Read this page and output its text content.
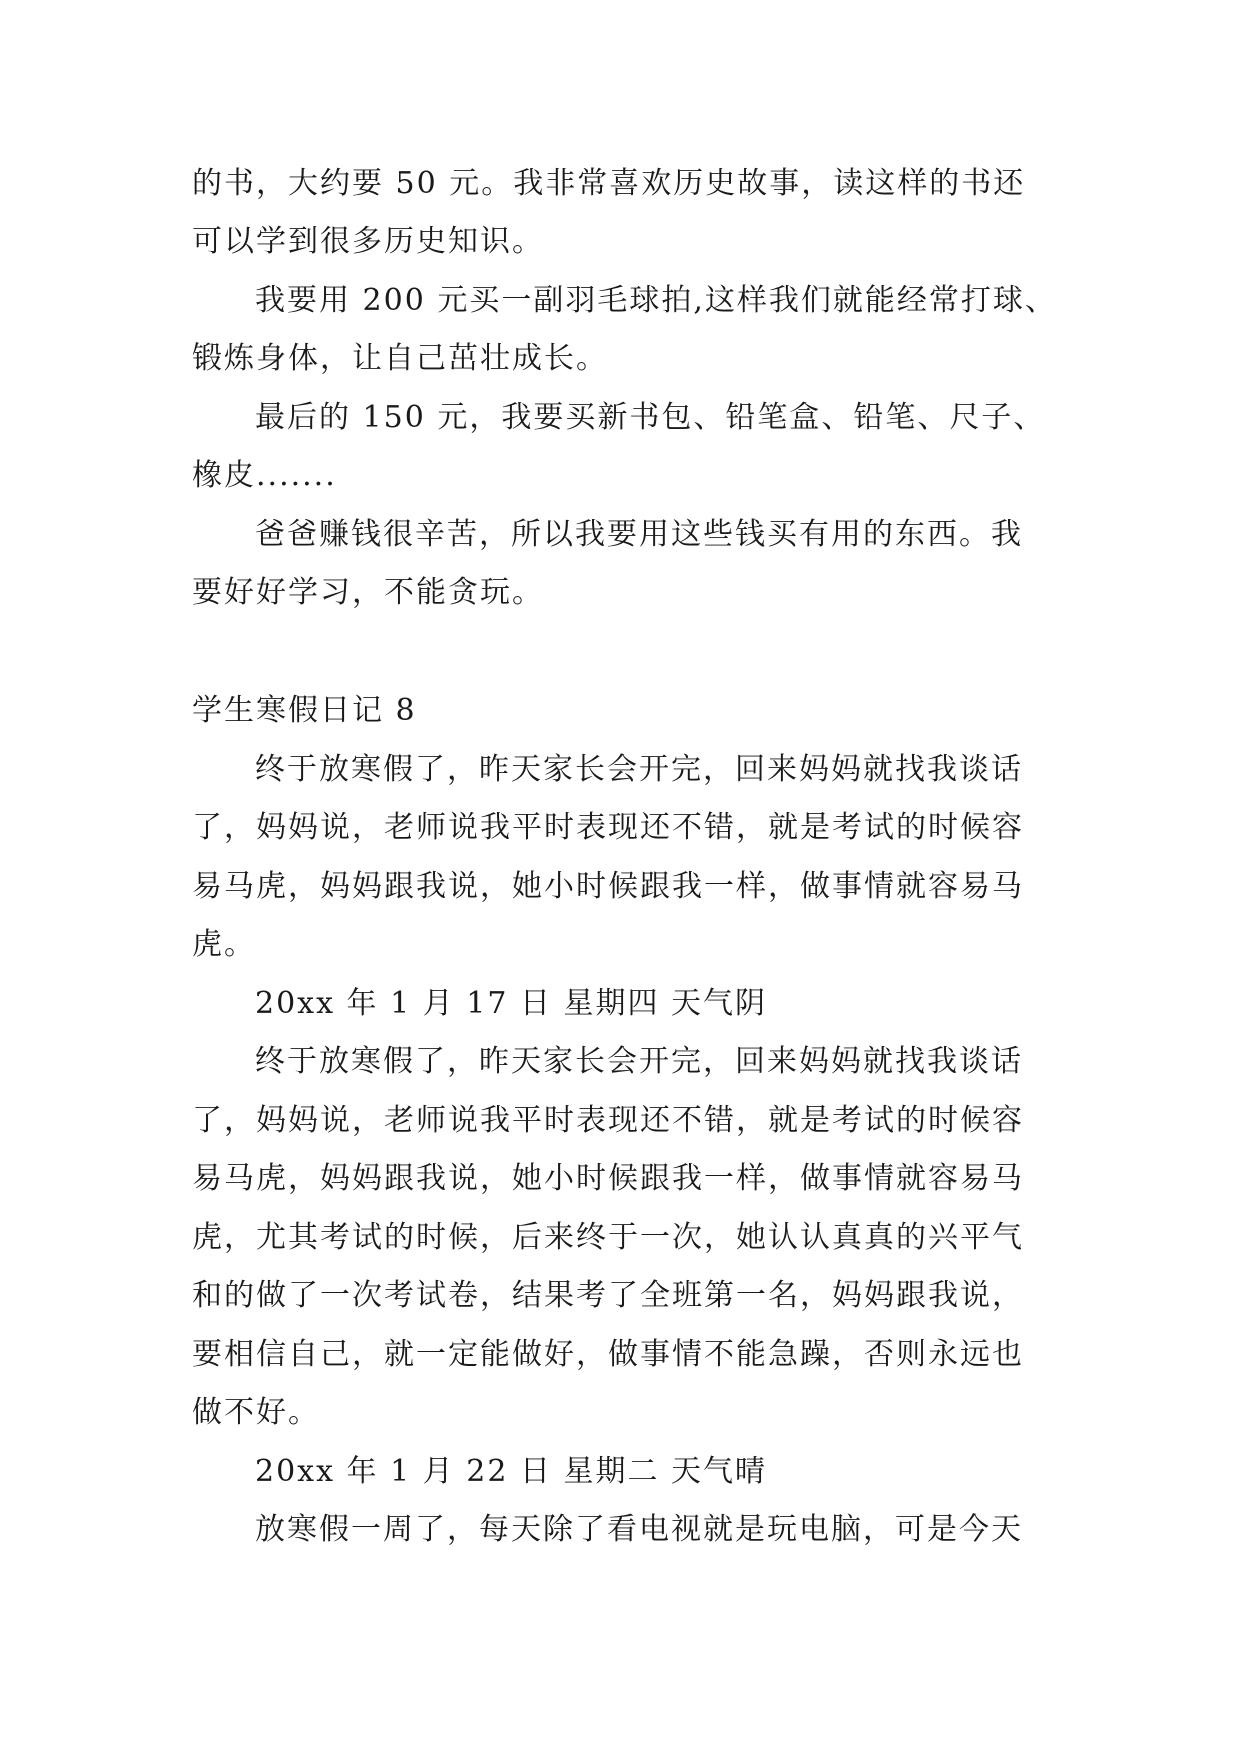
的书，大约要 50 元。我非常喜欢历史故事，读这样的书还
可以学到很多历史知识。
我要用 200 元买一副羽毛球拍,这样我们就能经常打球、
锻炼身体，让自己茁壮成长。
最后的 150 元，我要买新书包、铅笔盒、铅笔、尺子、
橡皮.......
爸爸赚钱很辛苦，所以我要用这些钱买有用的东西。我
要好好学习，不能贪玩。
学生寒假日记 8
终于放寒假了，昨天家长会开完，回来妈妈就找我谈话
了，妈妈说，老师说我平时表现还不错，就是考试的时候容
易马虎，妈妈跟我说，她小时候跟我一样，做事情就容易马
虎。
20xx 年 1 月 17 日 星期四 天气阴
终于放寒假了，昨天家长会开完，回来妈妈就找我谈话
了，妈妈说，老师说我平时表现还不错，就是考试的时候容
易马虎，妈妈跟我说，她小时候跟我一样，做事情就容易马
虎，尤其考试的时候，后来终于一次，她认认真真的兴平气
和的做了一次考试卷，结果考了全班第一名，妈妈跟我说，
要相信自己，就一定能做好，做事情不能急躁，否则永远也
做不好。
20xx 年 1 月 22 日 星期二 天气晴
放寒假一周了，每天除了看电视就是玩电脑，可是今天
